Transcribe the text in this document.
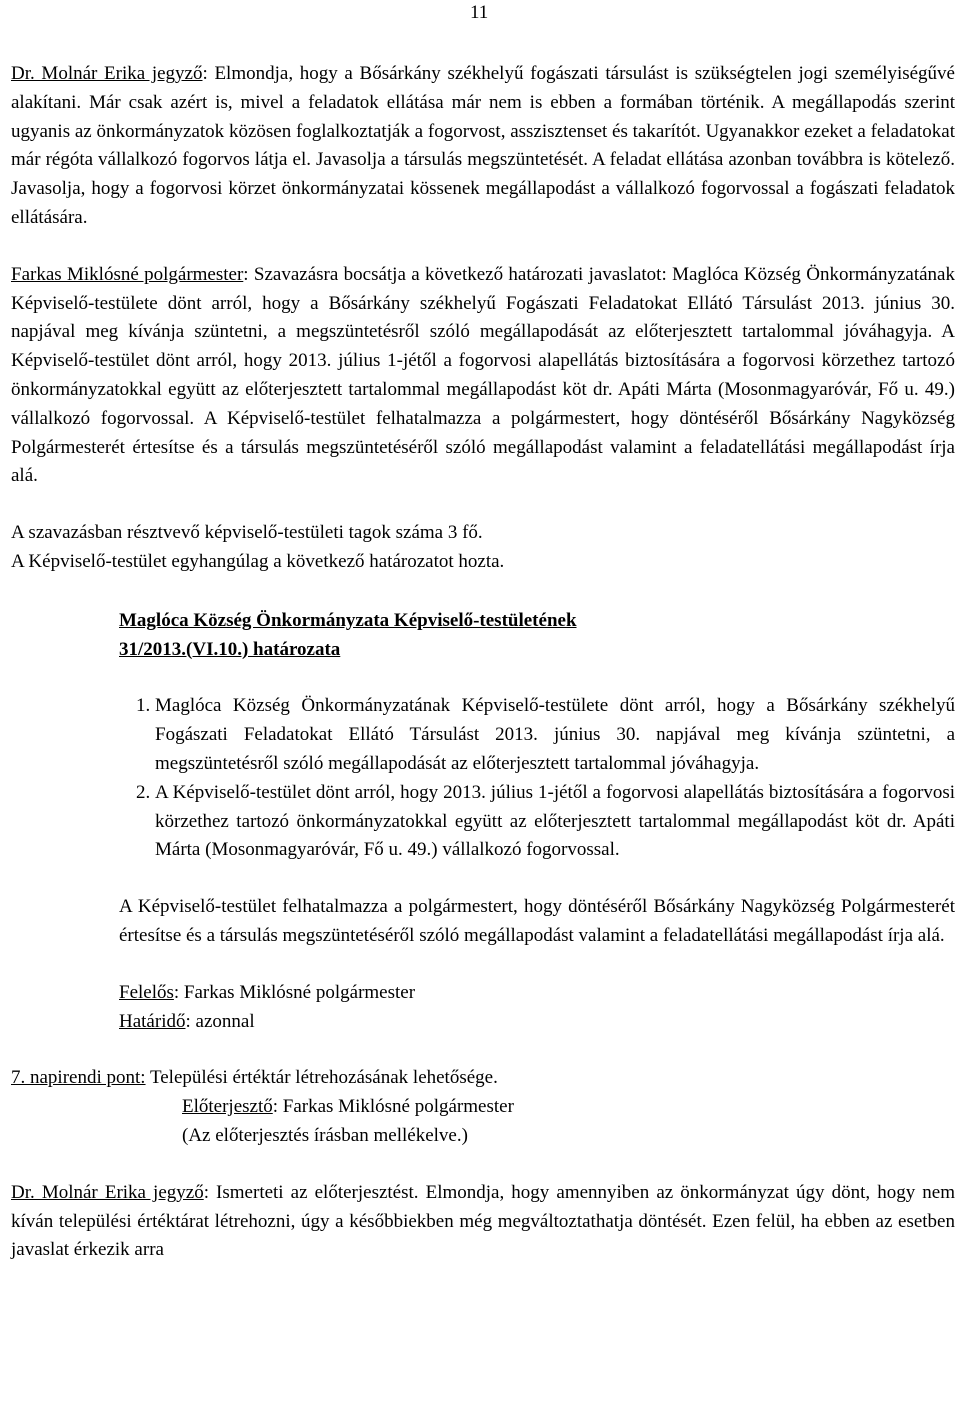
11

Dr. Molnár Erika jegyző: Elmondja, hogy a Bősárkány székhelyű fogászati társulást is szükségtelen jogi személyiségűvé alakítani. Már csak azért is, mivel a feladatok ellátása már nem is ebben a formában történik. A megállapodás szerint ugyanis az önkormányzatok közösen foglalkoztatják a fogorvost, asszisztenset és takarítót. Ugyanakkor ezeket a feladatokat már régóta vállalkozó fogorvos látja el. Javasolja a társulás megszüntetését. A feladat ellátása azonban továbbra is kötelező. Javasolja, hogy a fogorvosi körzet önkormányzatai kössenek megállapodást a vállalkozó fogorvossal a fogászati feladatok ellátására.

Farkas Miklósné polgármester: Szavazásra bocsátja a következő határozati javaslatot: Maglóca Község Önkormányzatának Képviselő-testülete dönt arról, hogy a Bősárkány székhelyű Fogászati Feladatokat Ellátó Társulást 2013. június 30. napjával meg kívánja szüntetni, a megszüntetésről szóló megállapodását az előterjesztett tartalommal jóváhagyja. A Képviselő-testület dönt arról, hogy 2013. július 1-jétől a fogorvosi alapellátás biztosítására a fogorvosi körzethez tartozó önkormányzatokkal együtt az előterjesztett tartalommal megállapodást köt dr. Apáti Márta (Mosonmagyaróvár, Fő u. 49.) vállalkozó fogorvossal. A Képviselő-testület felhatalmazza a polgármestert, hogy döntéséről Bősárkány Nagyközség Polgármesterét értesítse és a társulás megszüntetéséről szóló megállapodást valamint a feladatellátási megállapodást írja alá.

A szavazásban résztvevő képviselő-testületi tagok száma 3 fő.

A Képviselő-testület egyhangúlag a következő határozatot hozta.

Maglóca Község Önkormányzata Képviselő-testületének
31/2013.(VI.10.) határozata
1. Maglóca Község Önkormányzatának Képviselő-testülete dönt arról, hogy a Bősárkány székhelyű Fogászati Feladatokat Ellátó Társulást 2013. június 30. napjával meg kívánja szüntetni, a megszüntetésről szóló megállapodását az előterjesztett tartalommal jóváhagyja.
2. A Képviselő-testület dönt arról, hogy 2013. július 1-jétől a fogorvosi alapellátás biztosítására a fogorvosi körzethez tartozó önkormányzatokkal együtt az előterjesztett tartalommal megállapodást köt dr. Apáti Márta (Mosonmagyaróvár, Fő u. 49.) vállalkozó fogorvossal.

A Képviselő-testület felhatalmazza a polgármestert, hogy döntéséről Bősárkány Nagyközség Polgármesterét értesítse és a társulás megszüntetéséről szóló megállapodást valamint a feladatellátási megállapodást írja alá.

Felelős: Farkas Miklósné polgármester

Határidő: azonnal

7. napirendi pont: Települési értéktár létrehozásának lehetősége.

Előterjesztő: Farkas Miklósné polgármester

(Az előterjesztés írásban mellékelve.)

Dr. Molnár Erika jegyző: Ismerteti az előterjesztést. Elmondja, hogy amennyiben az önkormányzat úgy dönt, hogy nem kíván települési értéktárat létrehozni, úgy a későbbiekben még megváltoztathatja döntését. Ezen felül, ha ebben az esetben javaslat érkezik arra
